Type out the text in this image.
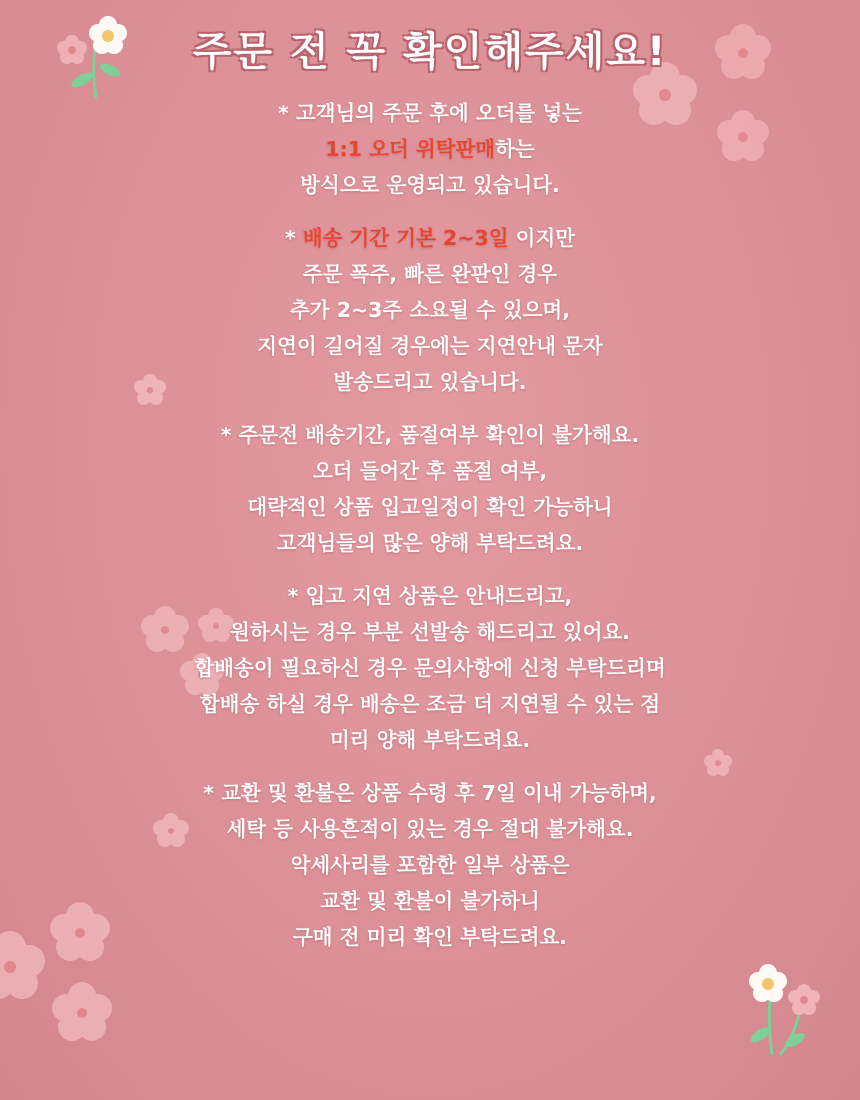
주문 전 꼭 확인해주세요!
* 고객님의 주문 후에 오더를 넣는
1:1 오더 위탁판매하는
방식으로 운영되고 있습니다.
* 배송 기간 기본 2~3일 이지만
주문 폭주, 빠른 완판인 경우
추가 2~3주 소요될 수 있으며,
지연이 길어질 경우에는 지연안내 문자
발송드리고 있습니다.
* 주문전 배송기간, 품절여부 확인이 불가해요.
오더 들어간 후 품절 여부,
대략적인 상품 입고일정이 확인 가능하니
고객님들의 많은 양해 부탁드려요.
* 입고 지연 상품은 안내드리고,
원하시는 경우 부분 선발송 해드리고 있어요.
합배송이 필요하신 경우 문의사항에 신청 부탁드리며
합배송 하실 경우 배송은 조금 더 지연될 수 있는 점
미리 양해 부탁드려요.
* 교환 및 환불은 상품 수령 후 7일 이내 가능하며,
세탁 등 사용흔적이 있는 경우 절대 불가해요.
악세사리를 포함한 일부 상품은
교환 및 환불이 불가하니
구매 전 미리 확인 부탁드려요.
